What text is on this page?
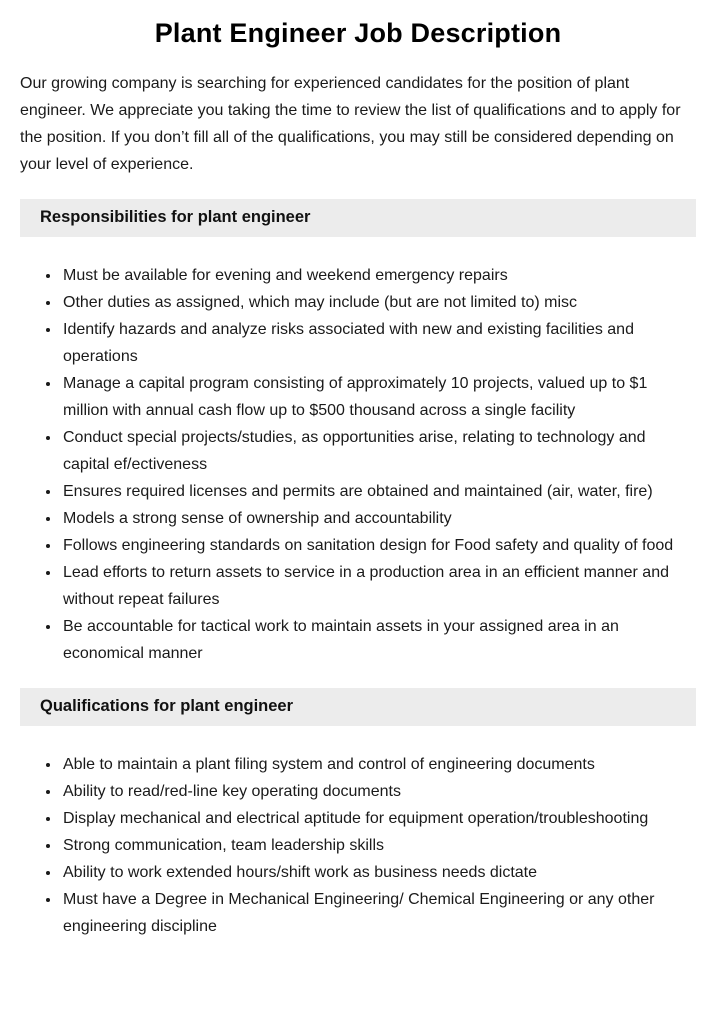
Plant Engineer Job Description

Our growing company is searching for experienced candidates for the position of plant engineer. We appreciate you taking the time to review the list of qualifications and to apply for the position. If you don’t fill all of the qualifications, you may still be considered depending on your level of experience.

Responsibilities for plant engineer
• Must be available for evening and weekend emergency repairs
• Other duties as assigned, which may include (but are not limited to) misc
• Identify hazards and analyze risks associated with new and existing facilities and operations
• Manage a capital program consisting of approximately 10 projects, valued up to $1 million with annual cash flow up to $500 thousand across a single facility
• Conduct special projects/studies, as opportunities arise, relating to technology and capital ef/ectiveness
• Ensures required licenses and permits are obtained and maintained (air, water, fire)
• Models a strong sense of ownership and accountability
• Follows engineering standards on sanitation design for Food safety and quality of food
• Lead efforts to return assets to service in a production area in an efficient manner and without repeat failures
• Be accountable for tactical work to maintain assets in your assigned area in an economical manner
Qualifications for plant engineer
• Able to maintain a plant filing system and control of engineering documents
• Ability to read/red-line key operating documents
• Display mechanical and electrical aptitude for equipment operation/troubleshooting
• Strong communication, team leadership skills
• Ability to work extended hours/shift work as business needs dictate
• Must have a Degree in Mechanical Engineering/ Chemical Engineering or any other engineering discipline
